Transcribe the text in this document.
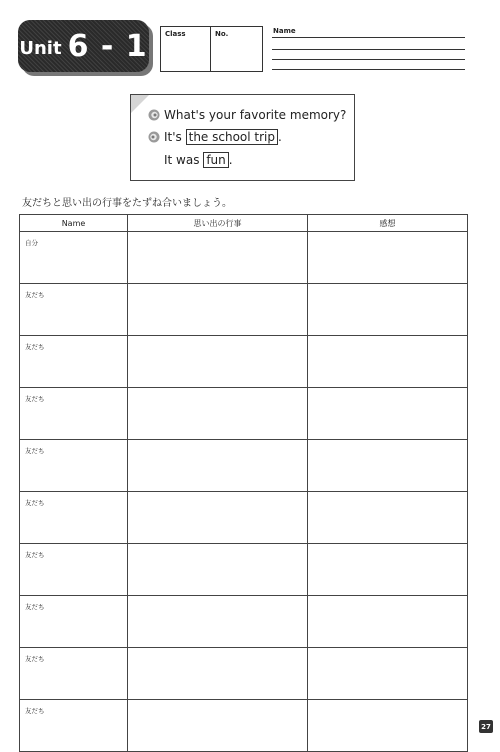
Unit 6 - 1 Class	No.	Name
What's your favorite memory?
It's
the school trip .
It was
fun .
友だちと思い出の行事をたずね合いましょう。
Name	思い出の行事	感想
自分		
友だち		
友だち		
友だち		
友だち		
友だち		
友だち		
友だち		
友だち		
友だち		
27
